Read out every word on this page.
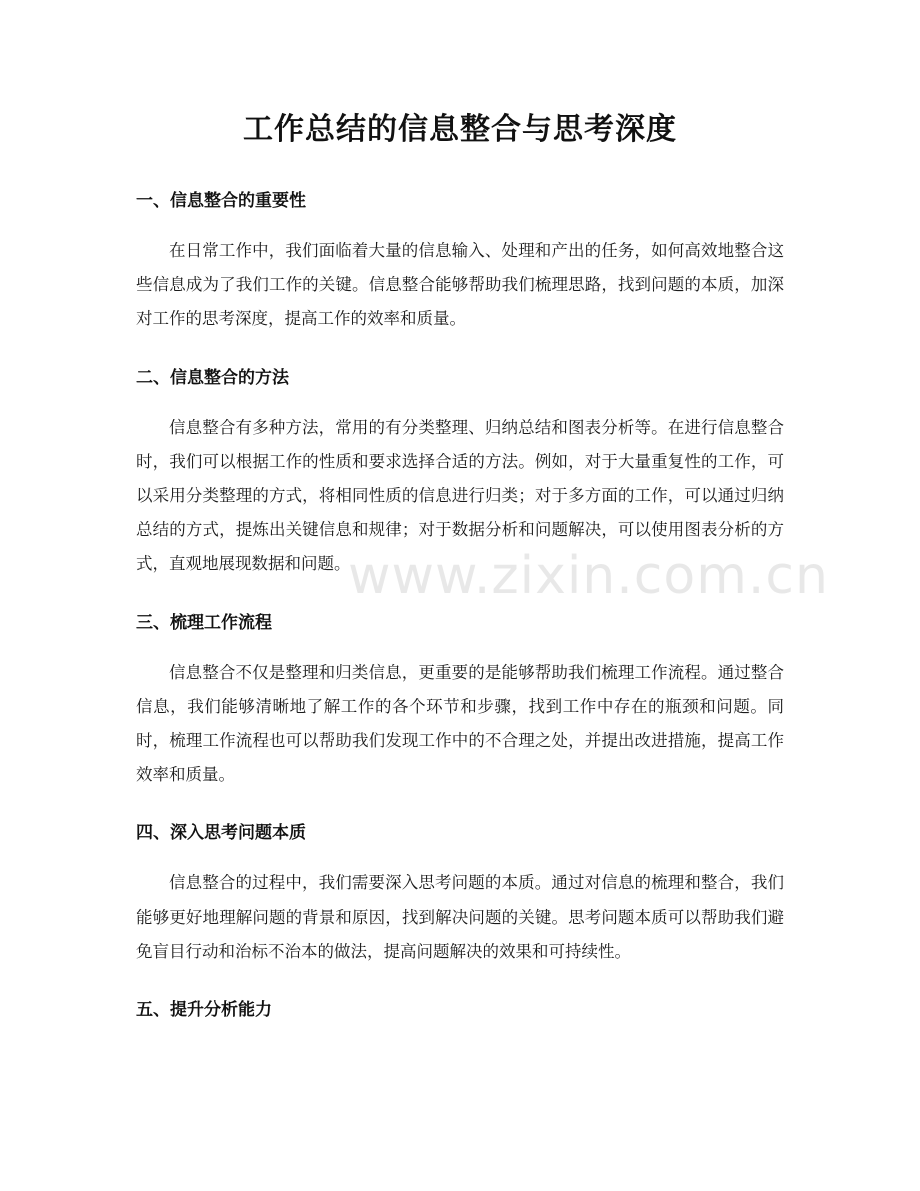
工作总结的信息整合与思考深度
一、信息整合的重要性

在日常工作中，我们面临着大量的信息输入、处理和产出的任务，如何高效地整合这些信息成为了我们工作的关键。信息整合能够帮助我们梳理思路，找到问题的本质，加深对工作的思考深度，提高工作的效率和质量。

二、信息整合的方法

信息整合有多种方法，常用的有分类整理、归纳总结和图表分析等。在进行信息整合时，我们可以根据工作的性质和要求选择合适的方法。例如，对于大量重复性的工作，可以采用分类整理的方式，将相同性质的信息进行归类；对于多方面的工作，可以通过归纳总结的方式，提炼出关键信息和规律；对于数据分析和问题解决，可以使用图表分析的方式，直观地展现数据和问题。

三、梳理工作流程

信息整合不仅是整理和归类信息，更重要的是能够帮助我们梳理工作流程。通过整合信息，我们能够清晰地了解工作的各个环节和步骤，找到工作中存在的瓶颈和问题。同时，梳理工作流程也可以帮助我们发现工作中的不合理之处，并提出改进措施，提高工作效率和质量。

四、深入思考问题本质

信息整合的过程中，我们需要深入思考问题的本质。通过对信息的梳理和整合，我们能够更好地理解问题的背景和原因，找到解决问题的关键。思考问题本质可以帮助我们避免盲目行动和治标不治本的做法，提高问题解决的效果和可持续性。

五、提升分析能力
www.zixin.com.cn
